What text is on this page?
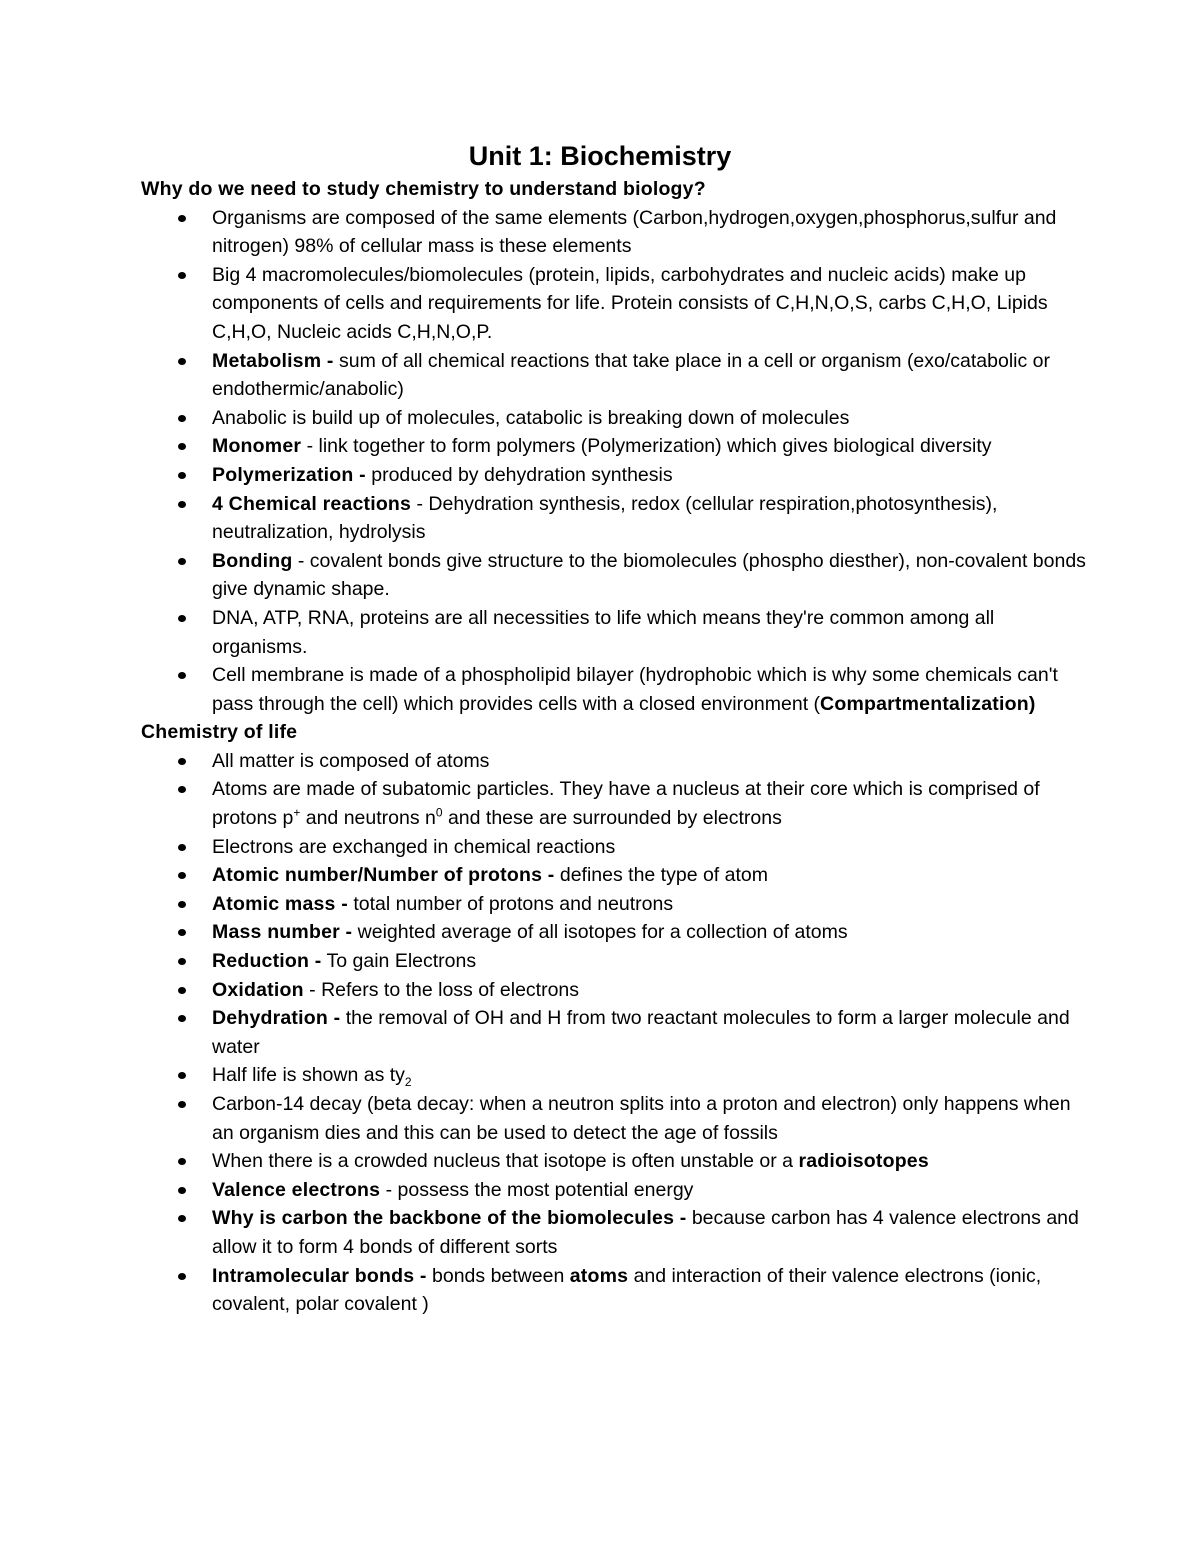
Unit 1: Biochemistry

Why do we need to study chemistry to understand biology?

Organisms are composed of the same elements (Carbon,hydrogen,oxygen,phosphorus,sulfur and nitrogen) 98% of cellular mass is these elements
Big 4 macromolecules/biomolecules (protein, lipids, carbohydrates and nucleic acids) make up components of cells and requirements for life. Protein consists of C,H,N,O,S, carbs C,H,O, Lipids C,H,O, Nucleic acids C,H,N,O,P.
Metabolism - sum of all chemical reactions that take place in a cell or organism (exo/catabolic or endothermic/anabolic)
Anabolic is build up of molecules, catabolic is breaking down of molecules
Monomer - link together to form polymers (Polymerization) which gives biological diversity
Polymerization - produced by dehydration synthesis
4 Chemical reactions - Dehydration synthesis, redox (cellular respiration,photosynthesis), neutralization, hydrolysis
Bonding - covalent bonds give structure to the biomolecules (phospho diesther), non-covalent bonds give dynamic shape.
DNA, ATP, RNA, proteins are all necessities to life which means they're common among all organisms.
Cell membrane is made of a phospholipid bilayer (hydrophobic which is why some chemicals can't pass through the cell) which provides cells with a closed environment (Compartmentalization)

Chemistry of life

All matter is composed of atoms
Atoms are made of subatomic particles. They have a nucleus at their core which is comprised of protons p+ and neutrons $n^0$ and these are surrounded by electrons
Electrons are exchanged in chemical reactions
Atomic number/Number of protons - defines the type of atom
Atomic mass - total number of protons and neutrons
Mass number - weighted average of all isotopes for a collection of atoms
Reduction - To gain Electrons
Oxidation - Refers to the loss of electrons
Dehydration - the removal of OH and H from two reactant molecules to form a larger molecule and water
Half life is shown as $ty_2$
Carbon-14 decay (beta decay: when a neutron splits into a proton and electron) only happens when an organism dies and this can be used to detect the age of fossils
When there is a crowded nucleus that isotope is often unstable or a radioisotopes
Valence electrons - possess the most potential energy
Why is carbon the backbone of the biomolecules - because carbon has 4 valence electrons and allow it to form 4 bonds of different sorts
Intramolecular bonds - bonds between atoms and interaction of their valence electrons (ionic, covalent, polar covalent )
